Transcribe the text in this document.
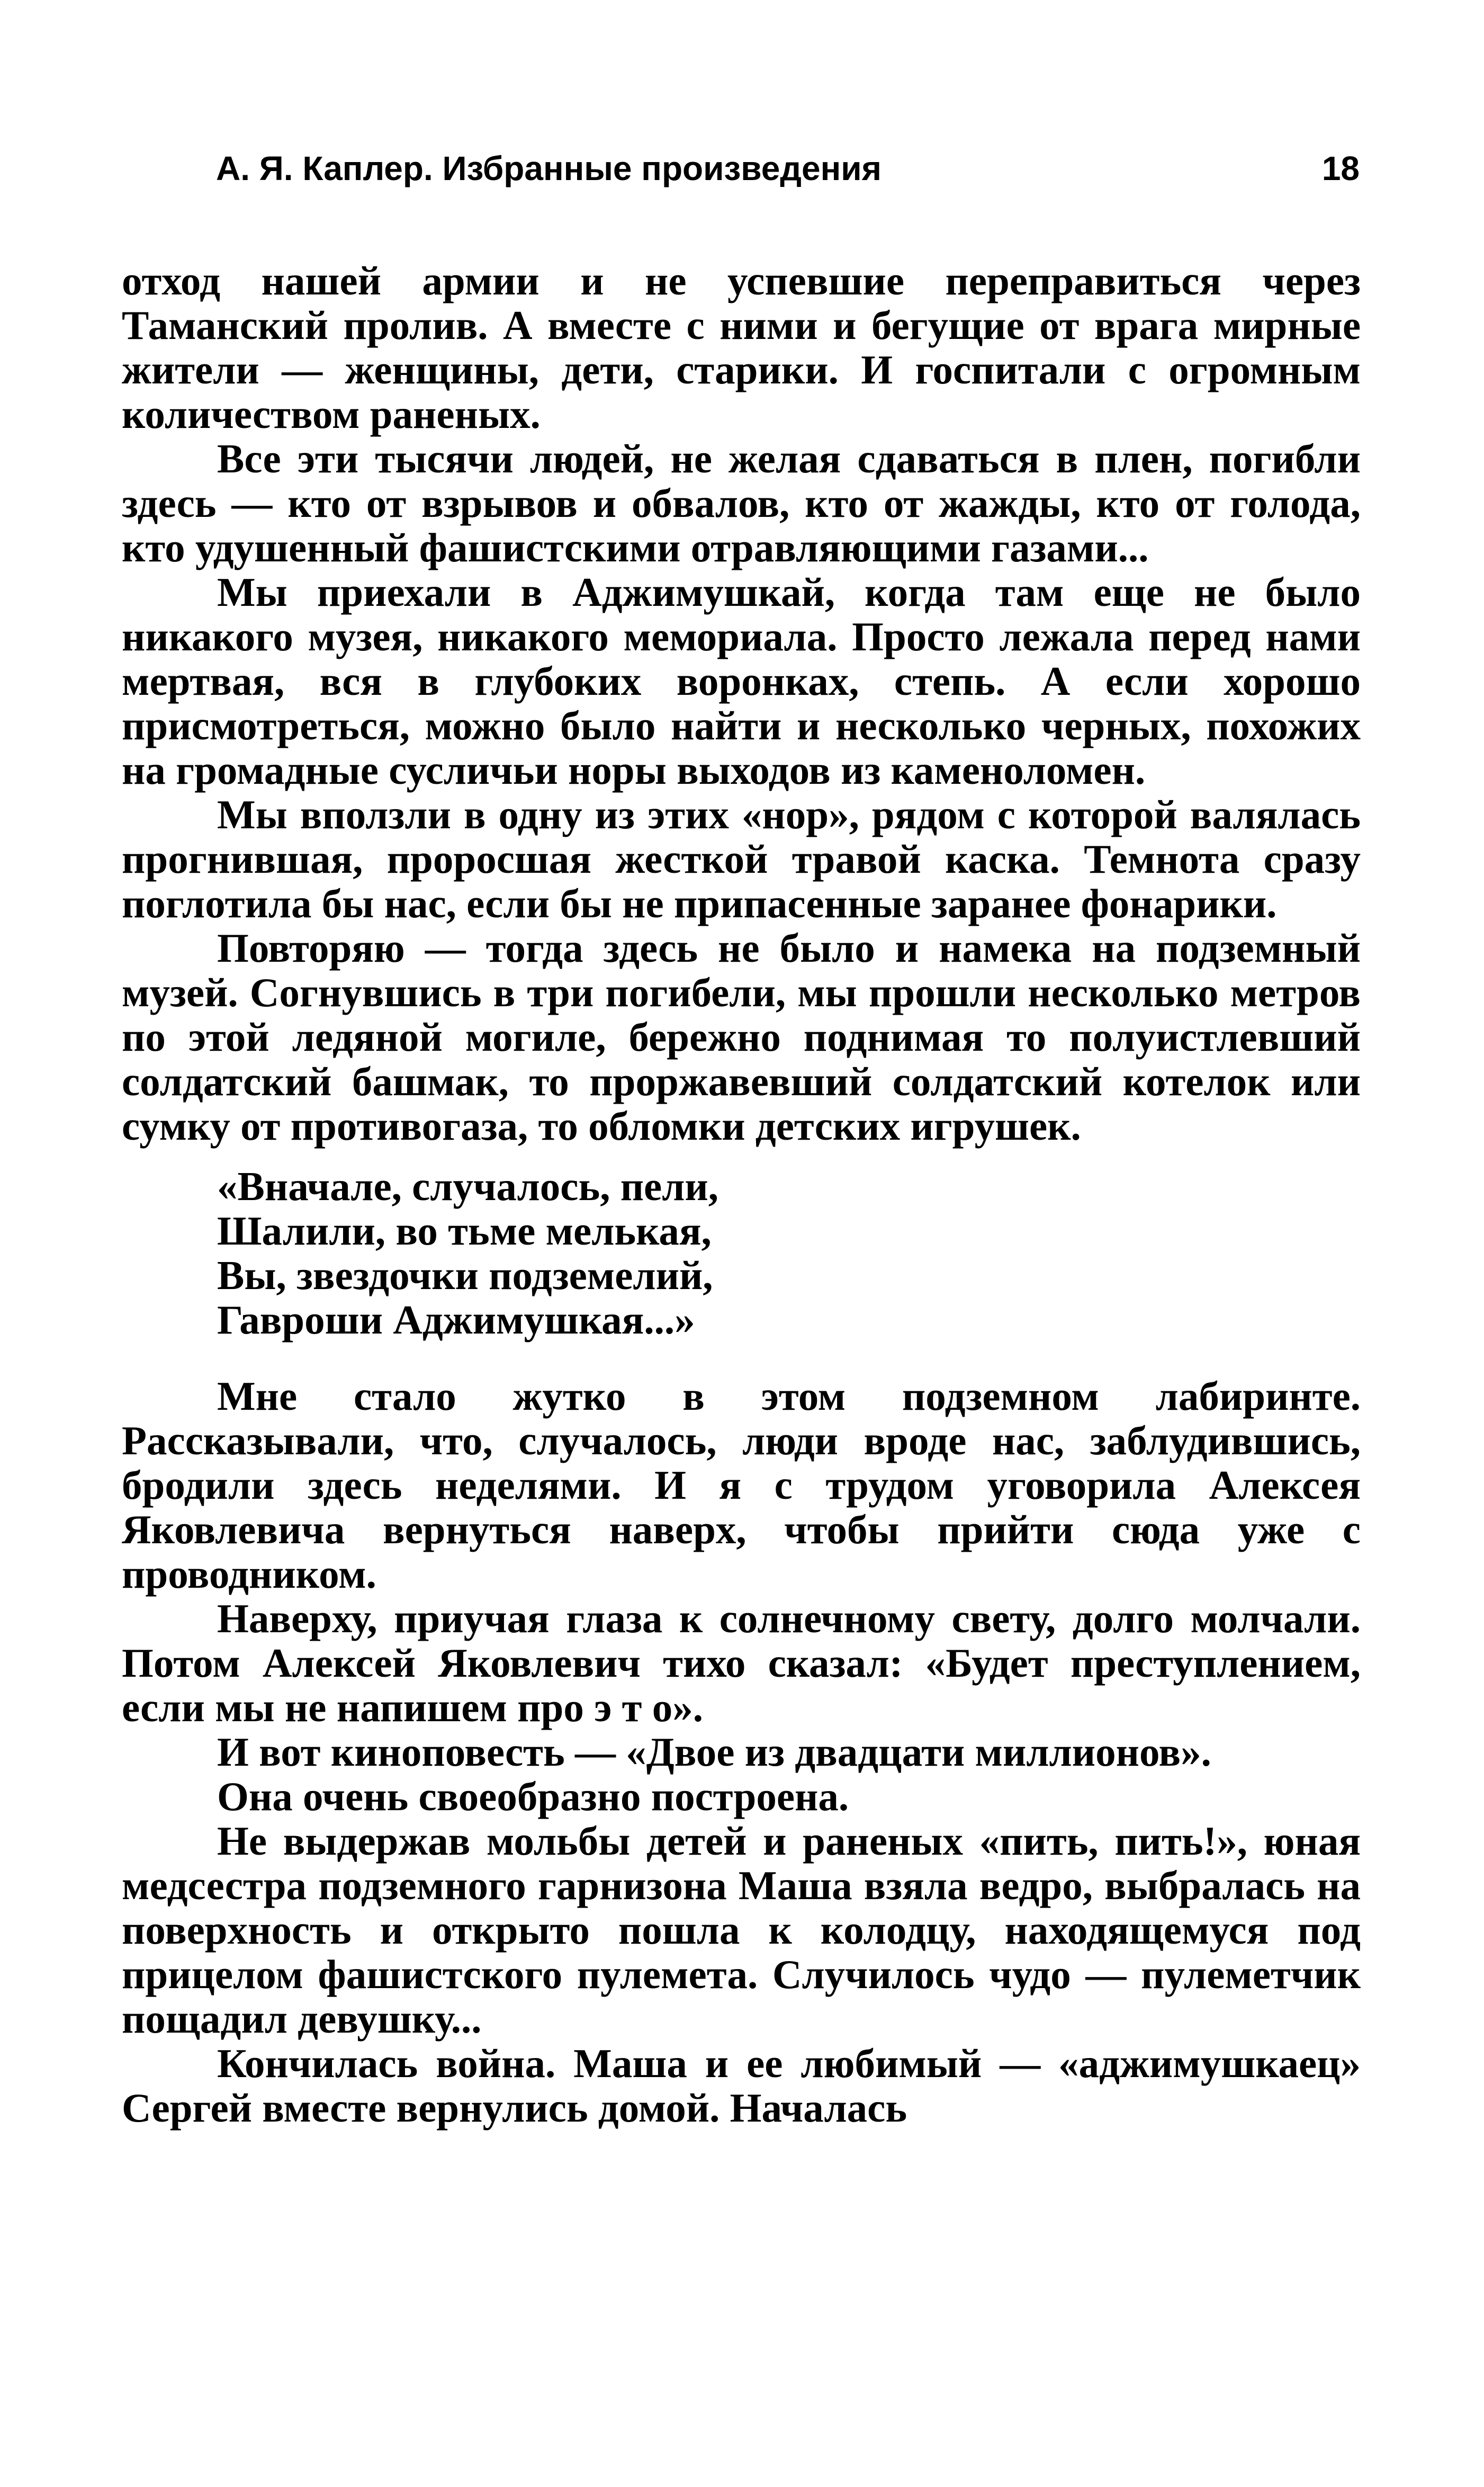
А. Я. Каплер. Избранные произведения	18

отход нашей армии и не успевшие переправиться через Таманский пролив. А вместе с ними и бегущие от врага мирные жители — женщины, дети, старики. И госпитали с огромным количеством раненых.

Все эти тысячи людей, не желая сдаваться в плен, погибли здесь — кто от взрывов и обвалов, кто от жажды, кто от голода, кто удушенный фашистскими отравляющими газами...

Мы приехали в Аджимушкай, когда там еще не было никакого музея, никакого мемориала. Просто лежала перед нами мертвая, вся в глубоких воронках, степь. А если хорошо присмотреться, можно было найти и несколько черных, похожих на громадные сусличьи норы выходов из каменоломен.

Мы вползли в одну из этих «нор», рядом с которой валялась прогнившая, проросшая жесткой травой каска. Темнота сразу поглотила бы нас, если бы не припасенные заранее фонарики.

Повторяю — тогда здесь не было и намека на подземный музей. Согнувшись в три погибели, мы прошли несколько метров по этой ледяной могиле, бережно поднимая то полуистлевший солдатский башмак, то проржавевший солдатский котелок или сумку от противогаза, то обломки детских игрушек.

«Вначале, случалось, пели,
Шалили, во тьме мелькая,
Вы, звездочки подземелий,
Гавроши Аджимушкая...»

Мне стало жутко в этом подземном лабиринте. Рассказывали, что, случалось, люди вроде нас, заблудившись, бродили здесь неделями. И я с трудом уговорила Алексея Яковлевича вернуться наверх, чтобы прийти сюда уже с проводником.

Наверху, приучая глаза к солнечному свету, долго молчали. Потом Алексей Яковлевич тихо сказал: «Будет преступлением, если мы не напишем про э т о».

И вот киноповесть — «Двое из двадцати миллионов».

Она очень своеобразно построена.

Не выдержав мольбы детей и раненых «пить, пить!», юная медсестра подземного гарнизона Маша взяла ведро, выбралась на поверхность и открыто пошла к колодцу, находящемуся под прицелом фашистского пулемета. Случилось чудо — пулеметчик пощадил девушку...

Кончилась война. Маша и ее любимый — «аджимушкаец» Сергей вместе вернулись домой. Началась
